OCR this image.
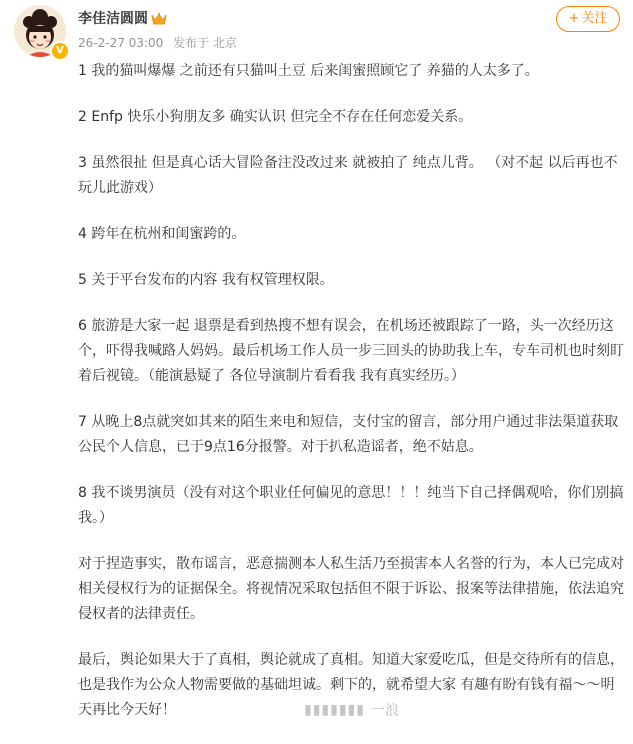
V
李佳洁圆圆
26-2-27 03:00 发布于 北京
+ 关注

1 我的猫叫爆爆 之前还有只猫叫土豆 后来闺蜜照顾它了 养猫的人太多了。

2 Enfp 快乐小狗朋友多 确实认识 但完全不存在任何恋爱关系。

3 虽然很扯 但是真心话大冒险备注没改过来 就被拍了 纯点儿背。 （对不起 以后再也不玩儿此游戏）

4 跨年在杭州和闺蜜跨的。

5 关于平台发布的内容 我有权管理权限。

6 旅游是大家一起 退票是看到热搜不想有误会，在机场还被跟踪了一路，头一次经历这个，吓得我喊路人妈妈。最后机场工作人员一步三回头的协助我上车，专车司机也时刻盯着后视镜。（能演悬疑了 各位导演制片看看我 我有真实经历。）

7 从晚上8点就突如其来的陌生来电和短信，支付宝的留言，部分用户通过非法渠道获取公民个人信息，已于9点16分报警。对于扒私造谣者，绝不姑息。

8 我不谈男演员（没有对这个职业任何偏见的意思！！！纯当下自己择偶观哈，你们别搞我。）

对于捏造事实，散布谣言，恶意揣测本人私生活乃至损害本人名誉的行为，本人已完成对相关侵权行为的证据保全。将视情况采取包括但不限于诉讼、报案等法律措施，依法追究侵权者的法律责任。

最后，舆论如果大于了真相，舆论就成了真相。知道大家爱吃瓜，但是交待所有的信息，也是我作为公众人物需要做的基础坦诚。剩下的，就希望大家 有趣有盼有钱有福～～明天再比今天好！	▮▮▮▮▮▮▮ 一浪
